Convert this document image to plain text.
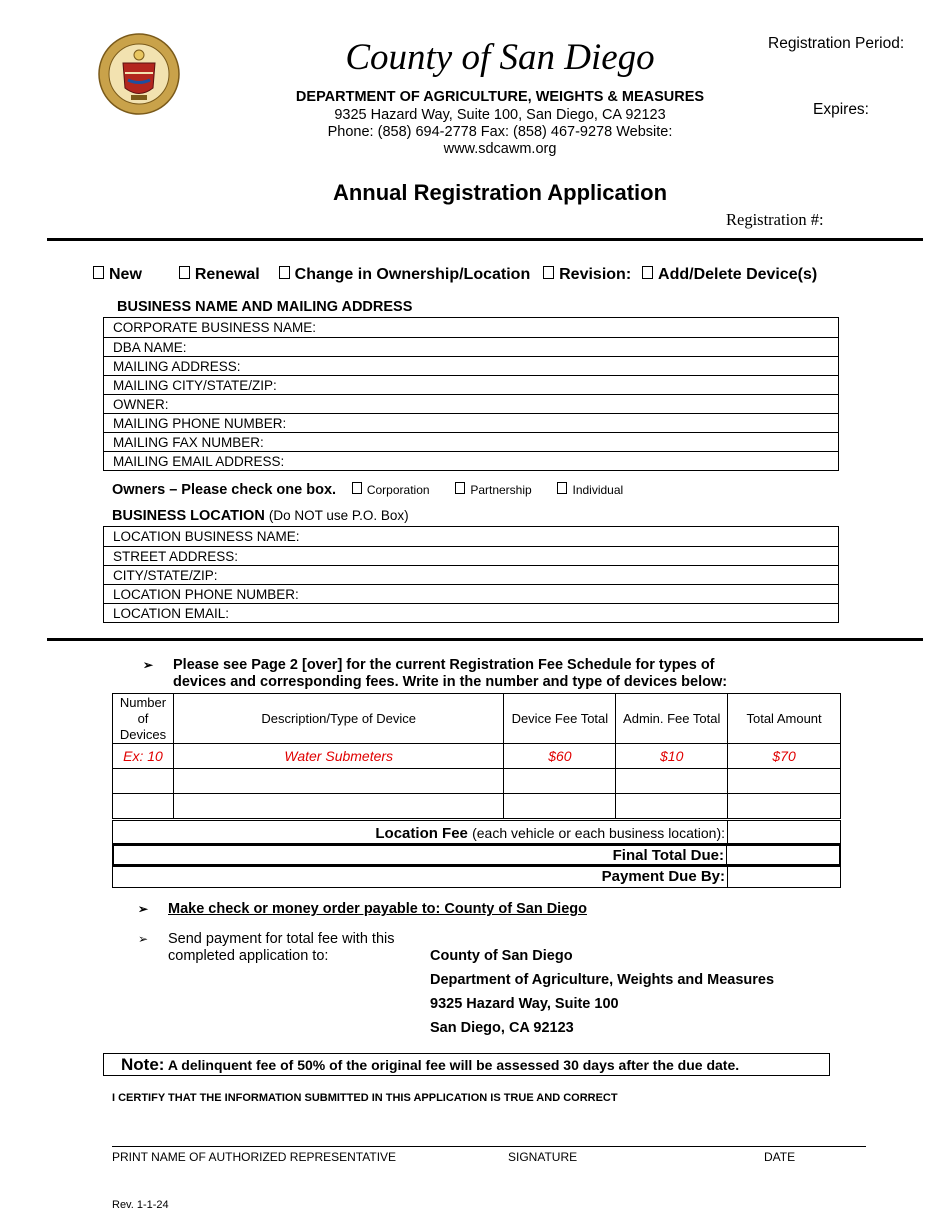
County of San Diego
DEPARTMENT OF AGRICULTURE, WEIGHTS & MEASURES
9325 Hazard Way, Suite 100, San Diego, CA 92123
Phone: (858) 694-2778 Fax: (858) 467-9278 Website:
www.sdcawm.org
Registration Period:
Expires:
Annual Registration Application
Registration #:
New	Renewal Change in Ownership/Location Revision: Add/Delete Device(s)
BUSINESS NAME AND MAILING ADDRESS
CORPORATE BUSINESS NAME:
DBA NAME:
MAILING ADDRESS:
MAILING CITY/STATE/ZIP:
OWNER:
MAILING PHONE NUMBER:
MAILING FAX NUMBER:
MAILING EMAIL ADDRESS:
Owners – Please check one box.	Corporation	Partnership	Individual
BUSINESS LOCATION (Do NOT use P.O. Box)
LOCATION BUSINESS NAME:
STREET ADDRESS:
CITY/STATE/ZIP:
LOCATION PHONE NUMBER:
LOCATION EMAIL:
➢ Please see Page 2 [over] for the current Registration Fee Schedule for types of
devices and corresponding fees. Write in the number and type of devices below:
Number
of
Devices	Description/Type of Device	Device Fee Total	Admin. Fee Total	Total Amount
Ex: 10	Water Submeters	$60	$10	$70

Location Fee (each vehicle or each business location):
Final Total Due:
Payment Due By:
➢ Make check or money order payable to: County of San Diego
➢ Send payment for total fee with this
completed application to:	County of San Diego
Department of Agriculture, Weights and Measures
9325 Hazard Way, Suite 100
San Diego, CA 92123
Note: A delinquent fee of 50% of the original fee will be assessed 30 days after the due date.
I CERTIFY THAT THE INFORMATION SUBMITTED IN THIS APPLICATION IS TRUE AND CORRECT
PRINT NAME OF AUTHORIZED REPRESENTATIVE	SIGNATURE	DATE
Rev. 1-1-24
